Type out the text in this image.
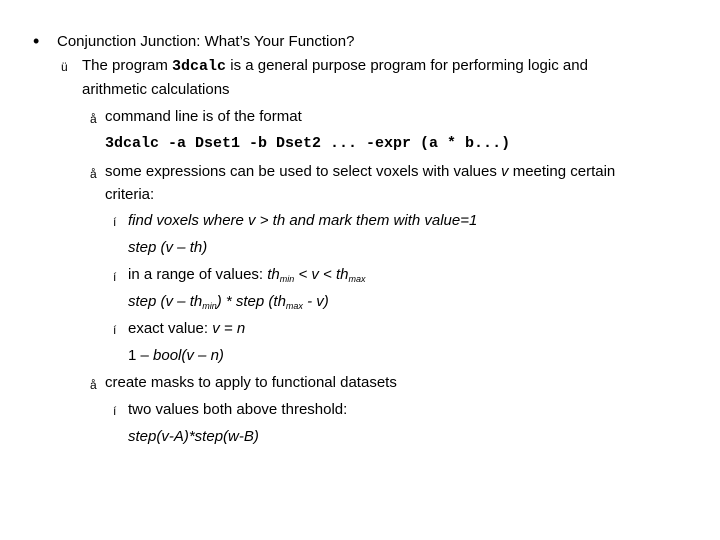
• Conjunction Junction: What’s Your Function?
ü The program 3dcalc is a general purpose program for performing logic and
arithmetic calculations
å command line is of the format
3dcalc -a Dset1 -b Dset2 ... -expr (a * b...)
å some expressions can be used to select voxels with values v meeting certain
criteria:
í find voxels where v > th and mark them with value=1
step (v – th)
í in a range of values: $th_{min} < v < th_{max}$
step $(v - th_{min})$ * step $(th_{max} - v)$
í exact value: v = n
1 – bool(v – n)
å create masks to apply to functional datasets
í two values both above threshold:
step(v-A)*step(w-B)
